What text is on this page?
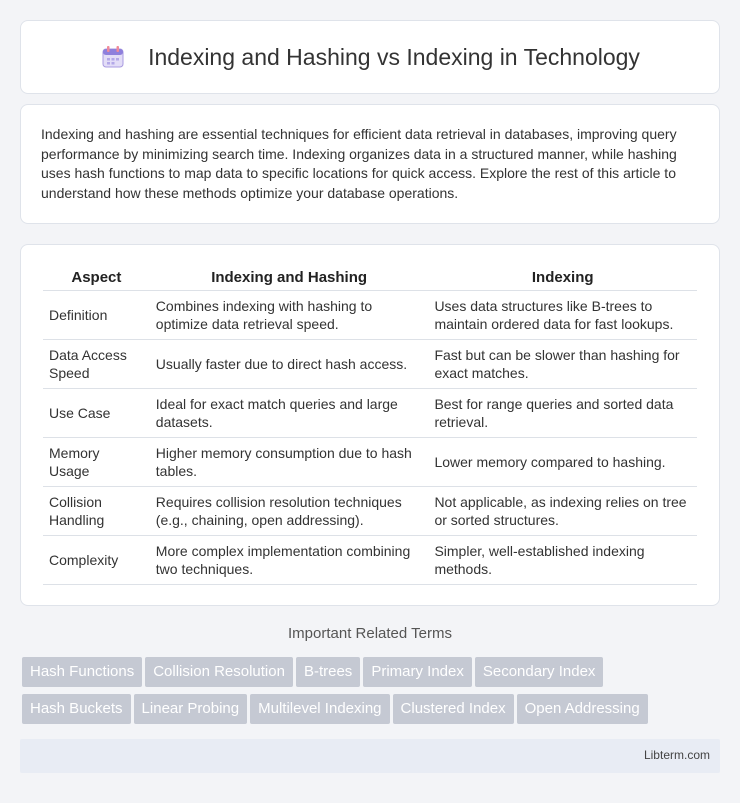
Indexing and Hashing vs Indexing in Technology

Indexing and hashing are essential techniques for efficient data retrieval in databases, improving query performance by minimizing search time. Indexing organizes data in a structured manner, while hashing uses hash functions to map data to specific locations for quick access. Explore the rest of this article to understand how these methods optimize your database operations.

Aspect	Indexing and Hashing	Indexing
Definition	Combines indexing with hashing to optimize data retrieval speed.	Uses data structures like B-trees to maintain ordered data for fast lookups.
Data Access Speed	Usually faster due to direct hash access.	Fast but can be slower than hashing for exact matches.
Use Case	Ideal for exact match queries and large datasets.	Best for range queries and sorted data retrieval.
Memory Usage	Higher memory consumption due to hash tables.	Lower memory compared to hashing.
Collision Handling	Requires collision resolution techniques (e.g., chaining, open addressing).	Not applicable, as indexing relies on tree or sorted structures.
Complexity	More complex implementation combining two techniques.	Simpler, well-established indexing methods.
Important Related Terms
Hash Functions Collision Resolution B-trees Primary Index Secondary Index
Hash Buckets Linear Probing Multilevel Indexing Clustered Index Open Addressing
Libterm.com
